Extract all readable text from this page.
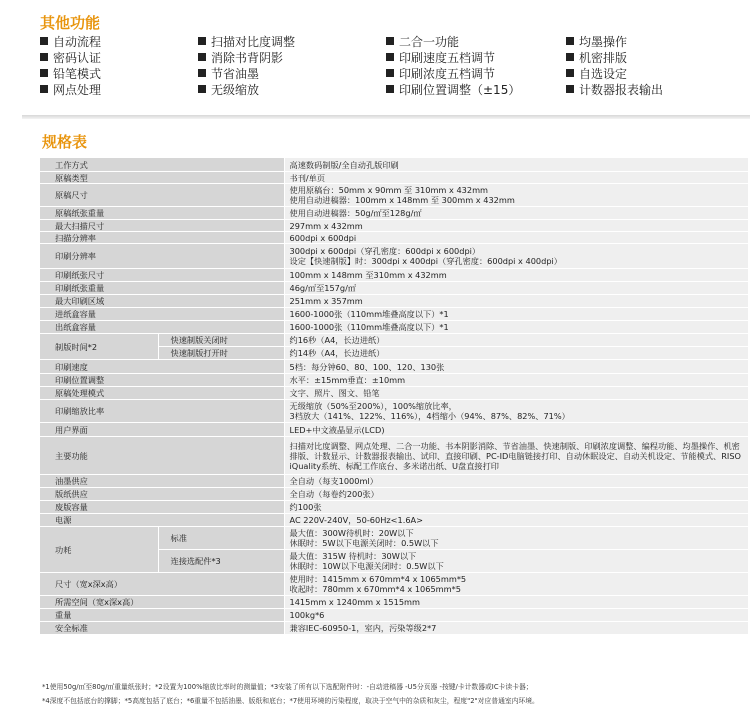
其他功能
自动流程
密码认证
铅笔模式
网点处理
扫描对比度调整
消除书背阴影
节省油墨
无级缩放
二合一功能
印刷速度五档调节
印刷浓度五档调节
印刷位置调整（±15）
均墨操作
机密排版
自选设定
计数器报表输出
规格表
工作方式		高速数码制版/全自动孔版印刷
原稿类型		书刊/单页
原稿尺寸		使用原稿台：50mm x 90mm 至 310mm x 432mm
使用自动进稿器：100mm x 148mm 至 300mm x 432mm
原稿纸张重量		使用自动进稿器：50g/㎡至128g/㎡
最大扫描尺寸		297mm x 432mm
扫描分辨率		600dpi x 600dpi
印刷分辨率		300dpi x 600dpi（穿孔密度：600dpi x 600dpi）
设定【快速制版】时：300dpi x 400dpi（穿孔密度：600dpi x 400dpi）
印刷纸张尺寸		100mm x 148mm 至310mm x 432mm
印刷纸张重量		46g/㎡至157g/㎡
最大印刷区域		251mm x 357mm
进纸盒容量		1600-1000张（110mm堆叠高度以下）*1
出纸盒容量		1600-1000张（110mm堆叠高度以下）*1
制版时间*2	快速制版关闭时	约16秒（A4，长边进纸）
	快速制版打开时	约14秒（A4，长边进纸）
印刷速度		5档：每分钟60、80、100、120、130张
印刷位置调整		水平：±15mm垂直：±10mm
原稿处理模式		文字、照片、图文、铅笔
印刷缩放比率		无级缩放（50%至200%），100%缩放比率，
3档放大（141%、122%、116%），4档缩小（94%、87%、82%、71%）
用户界面		LED+中文液晶显示(LCD)
主要功能		扫描对比度调整、网点处理、二合一功能、书本阴影消除、节省油墨、快速制版、印刷浓度调整、编程功能、均墨操作、机密排版、计数显示、计数器报表输出、试印、直接印刷、PC-ID电脑链接打印、自动休眠设定、自动关机设定、节能模式、RISO iQuality系统、标配工作底台、多米诺出纸、U盘直接打印
油墨供应		全自动（每支1000ml）
版纸供应		全自动（每卷约200张）
废版容量		约100张
电源		AC 220V-240V，50-60Hz<1.6A>
功耗	标准	最大值：300W待机时：20W以下
休眠时：5W以下电源关闭时：0.5W以下
	连接选配件*3	最大值：315W 待机时：30W以下
休眠时：10W以下电源关闭时：0.5W以下
尺寸（宽x深x高）		使用时：1415mm x 670mm*4 x 1065mm*5
收起时：780mm x 670mm*4 x 1065mm*5
所需空间（宽x深x高）		1415mm x 1240mm x 1515mm
重量		100kg*6
安全标准		兼容IEC-60950-1，室内，污染等级2*7
*1使用50g/㎡至80g/㎡重量纸张时；*2设置为100%缩放比率时的测量值；*3安装了所有以下选配附件时：-自动进稿器 -U5分页器 -按键/卡计数器或IC卡读卡器；
*4深度不包括底台的撑脚；*5高度包括了底台；*6重量不包括油墨、版纸和底台；*7使用环境的污染程度，取决于空气中的杂质和灰尘，程度"2"对应普通室内环境。
